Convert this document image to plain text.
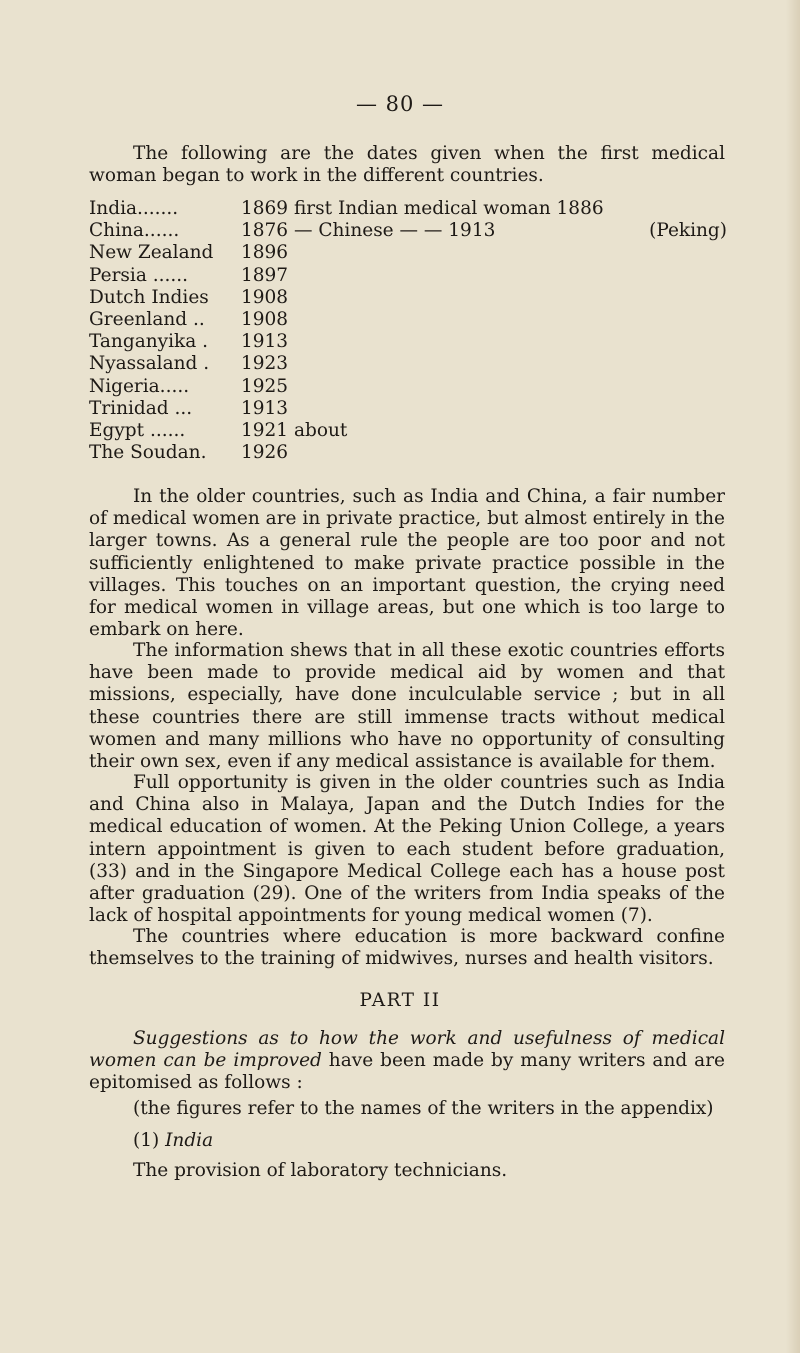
— 80 —
The following are the dates given when the first medical woman began to work in the different countries.
India.......	1869 first Indian medical woman 1886
China......	1876 — Chinese — — 1913	(Peking)
New Zealand	1896
Persia ......	1897
Dutch Indies	1908
Greenland ..	1908
Tanganyika .	1913
Nyassaland .	1923
Nigeria.....	1925
Trinidad ...	1913
Egypt ......	1921 about
The Soudan.	1926
In the older countries, such as India and China, a fair number of medical women are in private practice, but almost entirely in the larger towns. As a general rule the people are too poor and not sufficiently enlightened to make private practice possible in the villages. This touches on an important question, the crying need for medical women in village areas, but one which is too large to embark on here.
The information shews that in all these exotic countries efforts have been made to provide medical aid by women and that missions, especially, have done inculculable service ; but in all these countries there are still immense tracts without medical women and many millions who have no opportunity of consulting their own sex, even if any medical assistance is available for them.
Full opportunity is given in the older countries such as India and China also in Malaya, Japan and the Dutch Indies for the medical education of women. At the Peking Union College, a years intern appointment is given to each student before graduation, (33) and in the Singapore Medical College each has a house post after graduation (29). One of the writers from India speaks of the lack of hospital appointments for young medical women (7).
The countries where education is more backward confine themselves to the training of midwives, nurses and health visitors.
PART II
Suggestions as to how the work and usefulness of medical women can be improved have been made by many writers and are epitomised as follows :
(the figures refer to the names of the writers in the appendix)
(1) India
The provision of laboratory technicians.
